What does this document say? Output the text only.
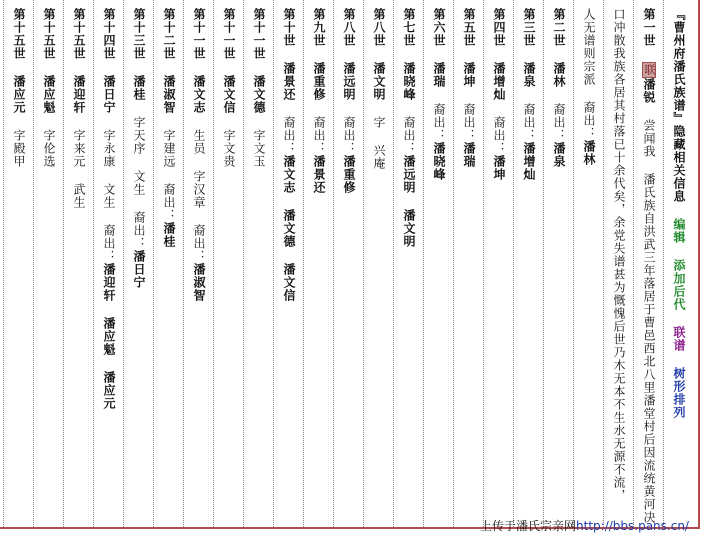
『曹州府潘氏族谱』隐藏相关信息 编辑 添加后代 联谱 树形排列
第一世 联潘锐 尝闻我 潘氏族自洪武三年落居于曹邑西北八里潘堂村后因流统黄河决
口冲散我族各居其村落已十余代矣，余党失谱甚为慨愧后世乃木无本不生水无源不流，
人无谱则宗派 裔出：潘林
第二世 潘林 裔出：潘泉
第三世 潘泉 裔出：潘增灿
第四世 潘增灿 裔出：潘坤
第五世 潘坤 裔出：潘瑞
第六世 潘瑞 裔出：潘晓峰
第七世 潘晓峰 裔出：潘远明 潘文明
第八世 潘文明 字 兴庵
第八世 潘远明 裔出：潘重修
第九世 潘重修 裔出：潘景还
第十世 潘景还 裔出：潘文志 潘文德 潘文信
第十一世 潘文德 字文玉
第十一世 潘文信 字文贵
第十一世 潘文志 生员 字汉章 裔出：潘淑智
第十二世 潘淑智 字建远 裔出：潘桂
第十三世 潘桂 字天序 文生 裔出：潘日宁
第十四世 潘日宁 字永康 文生 裔出：潘迎轩 潘应魁 潘应元
第十五世 潘迎轩 字来元 武生
第十五世 潘应魁 字伦选
第十五世 潘应元 字殿甲
上传于潘氏宗亲网http://bbs.pans.cn/
